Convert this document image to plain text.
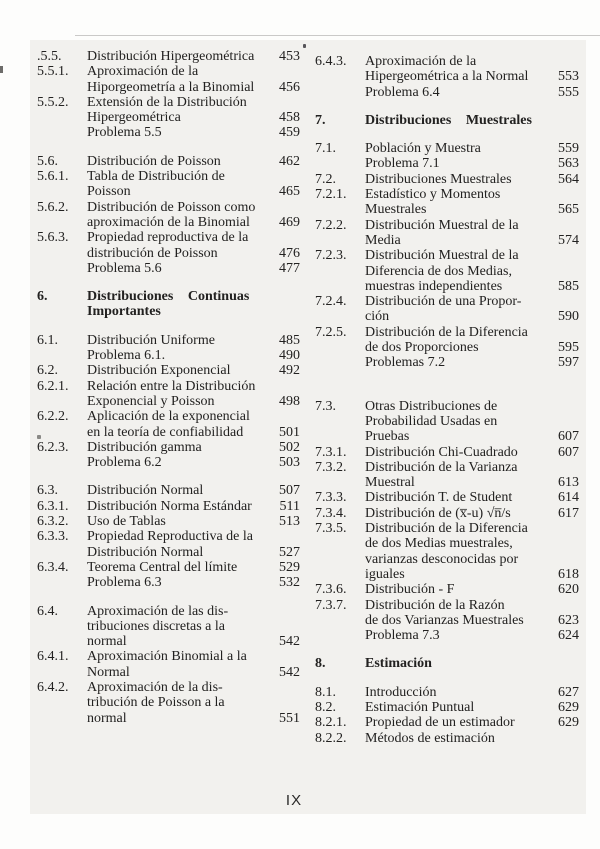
.5.5.	Distribución Hipergeométrica 453
5.5.1.	Aproximación de la
Hiporgeometría a la Binomial 456
5.5.2.	Extensión de la Distribución
Hipergeométrica	458
Problema 5.5	459
5.6.	Distribución de Poisson	462
5.6.1.	Tabla de Distribución de
Poisson	465
5.6.2.	Distribución de Poisson como
aproximación de la Binomial 469
5.6.3.	Propiedad reproductiva de la
distribución de Poisson	476
Problema 5.6	477
6.	Distribuciones Continuas
Importantes
6.1.	Distribución Uniforme	485
Problema 6.1.	490
6.2.	Distribución Exponencial	492
6.2.1.	Relación entre la Distribución
Exponencial y Poisson	498
6.2.2.	Aplicación de la exponencial
en la teoría de confiabilidad	501
6.2.3.	Distribución gamma	502
Problema 6.2	503
6.3.	Distribución Normal	507
6.3.1.	Distribución Norma Estándar 511
6.3.2.	Uso de Tablas	513
6.3.3.	Propiedad Reproductiva de la
Distribución Normal	527
6.3.4.	Teorema Central del límite	529
Problema 6.3	532
6.4.	Aproximación de las dis-
tribuciones discretas a la
normal	542
6.4.1.	Aproximación Binomial a la
Normal	542
6.4.2.	Aproximación de la dis-
tribución de Poisson a la
normal	551
6.4.3.	Aproximación de la
Hipergeométrica a la Normal 553
Problema 6.4	555
7.	Distribuciones Muestrales
7.1.	Población y Muestra	559
Problema 7.1	563
7.2.	Distribuciones Muestrales	564
7.2.1.	Estadístico y Momentos
Muestrales	565
7.2.2.	Distribución Muestral de la
Media	574
7.2.3.	Distribución Muestral de la
Diferencia de dos Medias,
muestras independientes	585
7.2.4.	Distribución de una Propor-
ción	590
7.2.5.	Distribución de la Diferencia
de dos Proporciones	595
Problemas 7.2	597
7.3.	Otras Distribuciones de
Probabilidad Usadas en
Pruebas	607
7.3.1.	Distribución Chi-Cuadrado	607
7.3.2.	Distribución de la Varianza
Muestral	613
7.3.3.	Distribución T. de Student	614
7.3.4.	Distribución de (x̅-u) √n̅/s	617
7.3.5.	Distribución de la Diferencia
de dos Medias muestrales,
varianzas desconocidas por
iguales	618
7.3.6.	Distribución - F	620
7.3.7.	Distribución de la Razón
de dos Varianzas Muestrales 623
Problema 7.3	624
8.	Estimación
8.1.	Introducción	627
8.2.	Estimación Puntual	629
8.2.1.	Propiedad de un estimador	629
8.2.2.	Métodos de estimación
IX
